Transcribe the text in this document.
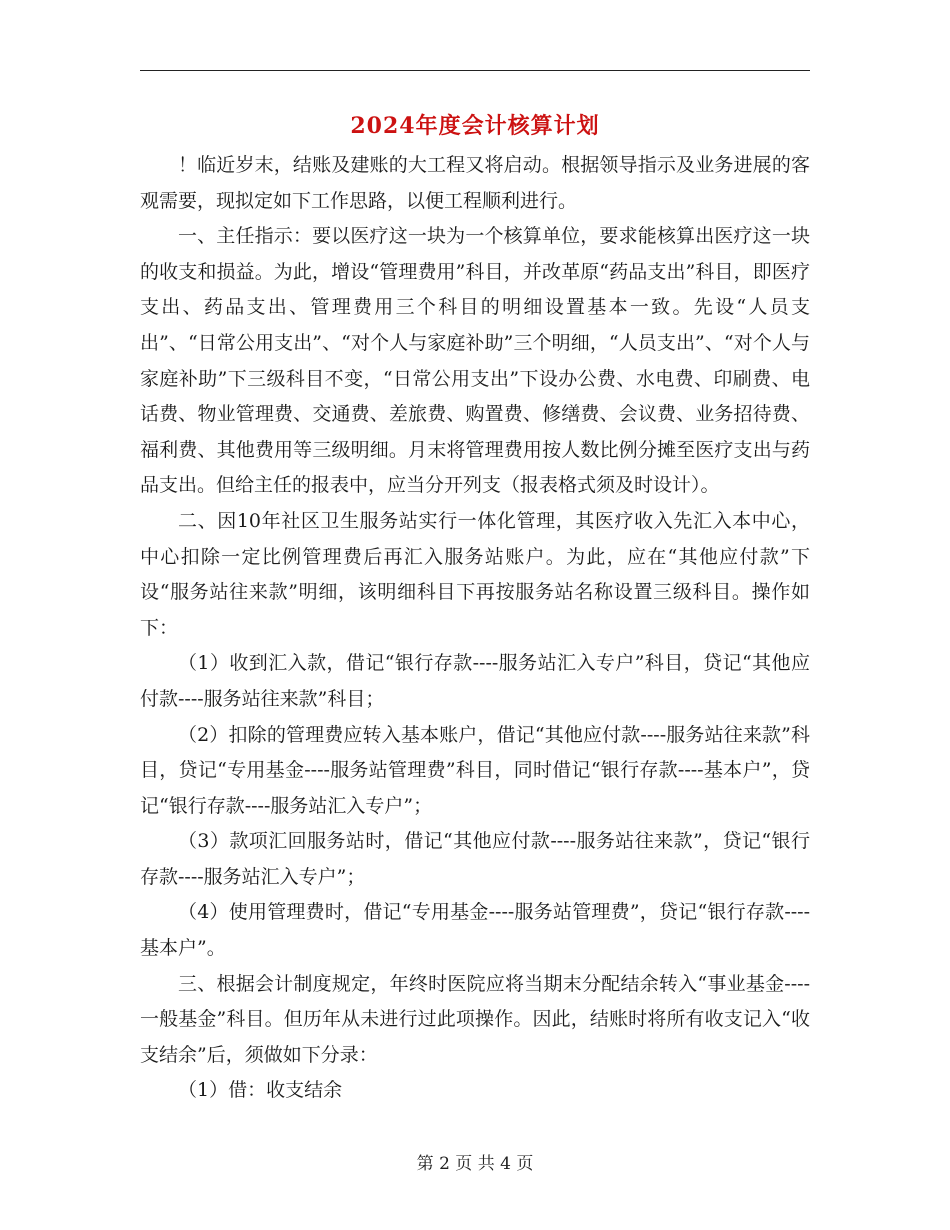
2024年度会计核算计划

！临近岁末，结账及建账的大工程又将启动。根据领导指示及业务进展的客观需要，现拟定如下工作思路，以便工程顺利进行。

一、主任指示：要以医疗这一块为一个核算单位，要求能核算出医疗这一块的收支和损益。为此，增设“管理费用”科目，并改革原“药品支出”科目，即医疗支出、药品支出、管理费用三个科目的明细设置基本一致。先设“人员支出”、“日常公用支出”、“对个人与家庭补助”三个明细，“人员支出”、“对个人与家庭补助”下三级科目不变，“日常公用支出”下设办公费、水电费、印刷费、电话费、物业管理费、交通费、差旅费、购置费、修缮费、会议费、业务招待费、福利费、其他费用等三级明细。月末将管理费用按人数比例分摊至医疗支出与药品支出。但给主任的报表中，应当分开列支（报表格式须及时设计）。

二、因10年社区卫生服务站实行一体化管理，其医疗收入先汇入本中心，中心扣除一定比例管理费后再汇入服务站账户。为此，应在“其他应付款”下设“服务站往来款”明细，该明细科目下再按服务站名称设置三级科目。操作如下：

（1）收到汇入款，借记“银行存款----服务站汇入专户”科目，贷记“其他应付款----服务站往来款”科目；

（2）扣除的管理费应转入基本账户，借记“其他应付款----服务站往来款”科目，贷记“专用基金----服务站管理费”科目，同时借记“银行存款----基本户”，贷记“银行存款----服务站汇入专户”；

（3）款项汇回服务站时，借记“其他应付款----服务站往来款”，贷记“银行存款----服务站汇入专户”；

（4）使用管理费时，借记“专用基金----服务站管理费”，贷记“银行存款----基本户”。

三、根据会计制度规定，年终时医院应将当期末分配结余转入“事业基金----一般基金”科目。但历年从未进行过此项操作。因此，结账时将所有收支记入“收支结余”后，须做如下分录：

（1）借：收支结余

第 2 页 共 4 页
